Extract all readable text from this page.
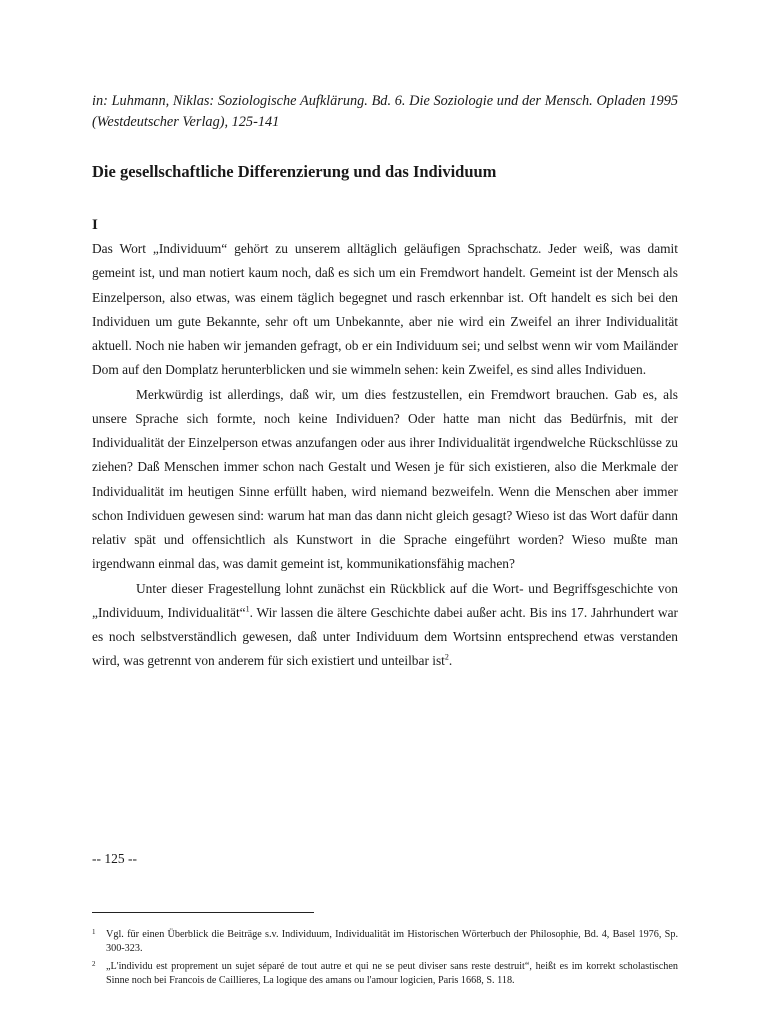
in: Luhmann, Niklas: Soziologische Aufklärung. Bd. 6. Die Soziologie und der Mensch. Opladen 1995 (Westdeutscher Verlag), 125-141
Die gesellschaftliche Differenzierung und das Individuum
I

Das Wort „Individuum“ gehört zu unserem alltäglich geläufigen Sprachschatz. Jeder weiß, was damit gemeint ist, und man notiert kaum noch, daß es sich um ein Fremdwort handelt. Gemeint ist der Mensch als Einzelperson, also etwas, was einem täglich begegnet und rasch erkennbar ist. Oft handelt es sich bei den Individuen um gute Bekannte, sehr oft um Unbekannte, aber nie wird ein Zweifel an ihrer Individualität aktuell. Noch nie haben wir jemanden gefragt, ob er ein Individuum sei; und selbst wenn wir vom Mailänder Dom auf den Domplatz herunterblicken und sie wimmeln sehen: kein Zweifel, es sind alles Individuen.

Merkwürdig ist allerdings, daß wir, um dies festzustellen, ein Fremdwort brauchen. Gab es, als unsere Sprache sich formte, noch keine Individuen? Oder hatte man nicht das Bedürfnis, mit der Individualität der Einzelperson etwas anzufangen oder aus ihrer Individualität irgendwelche Rückschlüsse zu ziehen? Daß Menschen immer schon nach Gestalt und Wesen je für sich existieren, also die Merkmale der Individualität im heutigen Sinne erfüllt haben, wird niemand bezweifeln. Wenn die Menschen aber immer schon Individuen gewesen sind: warum hat man das dann nicht gleich gesagt? Wieso ist das Wort dafür dann relativ spät und offensichtlich als Kunstwort in die Sprache eingeführt worden? Wieso mußte man irgendwann einmal das, was damit gemeint ist, kommunikationsfähig machen?

Unter dieser Fragestellung lohnt zunächst ein Rückblick auf die Wort- und Begriffsgeschichte von „Individuum, Individualität“$^1$. Wir lassen die ältere Geschichte dabei außer acht. Bis ins 17. Jahrhundert war es noch selbstverständlich gewesen, daß unter Individuum dem Wortsinn entsprechend etwas verstanden wird, was getrennt von anderem für sich existiert und unteilbar ist$^2$.

-- 125 --
1 Vgl. für einen Überblick die Beiträge s.v. Individuum, Individualität im Historischen Wörterbuch der Philosophie, Bd. 4, Basel 1976, Sp. 300-323.
2 „L'individu est proprement un sujet séparé de tout autre et qui ne se peut diviser sans reste destruit“, heißt es im korrekt scholastischen Sinne noch bei Francois de Caillieres, La logique des amans ou l'amour logicien, Paris 1668, S. 118.
